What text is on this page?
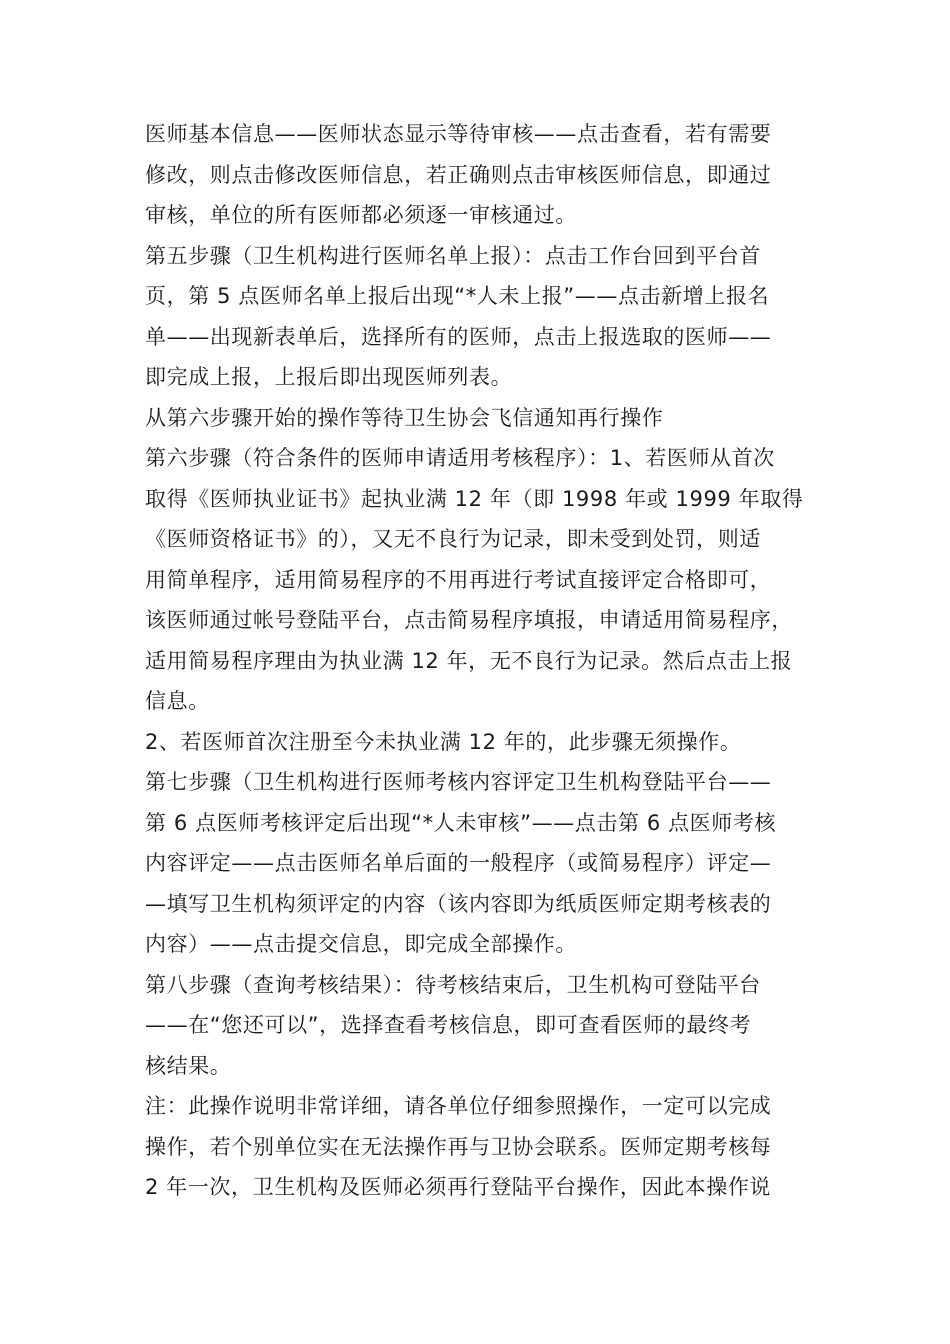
医师基本信息——医师状态显示等待审核——点击查看，若有需要
修改，则点击修改医师信息，若正确则点击审核医师信息，即通过
审核，单位的所有医师都必须逐一审核通过。
第五步骤（卫生机构进行医师名单上报）：点击工作台回到平台首
页，第 5 点医师名单上报后出现“*人未上报”——点击新增上报名
单——出现新表单后，选择所有的医师，点击上报选取的医师——
即完成上报，上报后即出现医师列表。
从第六步骤开始的操作等待卫生协会飞信通知再行操作
第六步骤（符合条件的医师申请适用考核程序）：1、若医师从首次
取得《医师执业证书》起执业满 12 年（即 1998 年或 1999 年取得
《医师资格证书》的），又无不良行为记录，即未受到处罚，则适
用简单程序，适用简易程序的不用再进行考试直接评定合格即可，
该医师通过帐号登陆平台，点击简易程序填报，申请适用简易程序，
适用简易程序理由为执业满 12 年，无不良行为记录。然后点击上报
信息。
2、若医师首次注册至今未执业满 12 年的，此步骤无须操作。
第七步骤（卫生机构进行医师考核内容评定卫生机构登陆平台——
第 6 点医师考核评定后出现“*人未审核”——点击第 6 点医师考核
内容评定——点击医师名单后面的一般程序（或简易程序）评定—
—填写卫生机构须评定的内容（该内容即为纸质医师定期考核表的
内容）——点击提交信息，即完成全部操作。
第八步骤（查询考核结果）：待考核结束后，卫生机构可登陆平台
——在“您还可以”，选择查看考核信息，即可查看医师的最终考
核结果。
注：此操作说明非常详细，请各单位仔细参照操作，一定可以完成
操作，若个别单位实在无法操作再与卫协会联系。医师定期考核每
2 年一次，卫生机构及医师必须再行登陆平台操作，因此本操作说
